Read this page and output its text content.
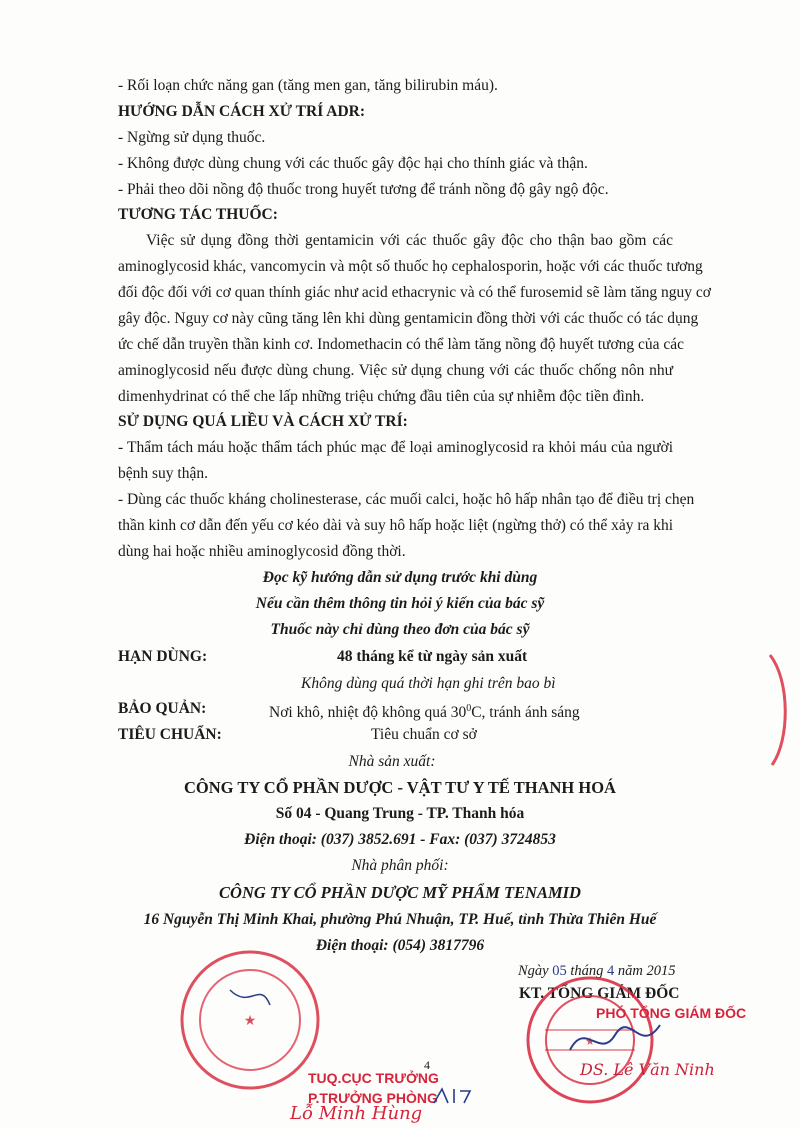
- Rối loạn chức năng gan (tăng men gan, tăng bilirubin máu).
HƯỚNG DẪN CÁCH XỬ TRÍ ADR:
- Ngừng sử dụng thuốc.
- Không được dùng chung với các thuốc gây độc hại cho thính giác và thận.
- Phải theo dõi nồng độ thuốc trong huyết tương để tránh nồng độ gây ngộ độc.
TƯƠNG TÁC THUỐC:
Việc sử dụng đồng thời gentamicin với các thuốc gây độc cho thận bao gồm các
aminoglycosid khác, vancomycin và một số thuốc họ cephalosporin, hoặc với các thuốc tương
đối độc đối với cơ quan thính giác như acid ethacrynic và có thể furosemid sẽ làm tăng nguy cơ
gây độc. Nguy cơ này cũng tăng lên khi dùng gentamicin đồng thời với các thuốc có tác dụng
ức chế dẫn truyền thần kinh cơ. Indomethacin có thể làm tăng nồng độ huyết tương của các
aminoglycosid nếu được dùng chung. Việc sử dụng chung với các thuốc chống nôn như
dimenhydrinat có thể che lấp những triệu chứng đầu tiên của sự nhiễm độc tiền đình.
SỬ DỤNG QUÁ LIỀU VÀ CÁCH XỬ TRÍ:
- Thẩm tách máu hoặc thẩm tách phúc mạc để loại aminoglycosid ra khỏi máu của người
bệnh suy thận.
- Dùng các thuốc kháng cholinesterase, các muối calci, hoặc hô hấp nhân tạo để điều trị chẹn
thần kinh cơ dẫn đến yếu cơ kéo dài và suy hô hấp hoặc liệt (ngừng thở) có thể xảy ra khi
dùng hai hoặc nhiều aminoglycosid đồng thời.
Đọc kỹ hướng dẫn sử dụng trước khi dùng
Nếu cần thêm thông tin hỏi ý kiến của bác sỹ
Thuốc này chỉ dùng theo đơn của bác sỹ
HẠN DÙNG:	48 tháng kể từ ngày sản xuất
Không dùng quá thời hạn ghi trên bao bì
BẢO QUẢN:	Nơi khô, nhiệt độ không quá $30^0C$, tránh ánh sáng
TIÊU CHUẨN:	Tiêu chuẩn cơ sở
Nhà sản xuất:
CÔNG TY CỔ PHẦN DƯỢC - VẬT TƯ Y TẾ THANH HOÁ
Số 04 - Quang Trung - TP. Thanh hóa
Điện thoại: (037) 3852.691 - Fax: (037) 3724853
Nhà phân phối:
CÔNG TY CỔ PHẦN DƯỢC MỸ PHẨM TENAMID
16 Nguyễn Thị Minh Khai, phường Phú Nhuận, TP. Huế, tỉnh Thừa Thiên Huế
Điện thoại: (054) 3817796
Ngày 05 tháng 4 năm 2015
KT. TỔNG GIÁM ĐỐC
★
PHÓ TỔNG GIÁM ĐỐC
DS. Lê Văn Ninh
★
TUQ.CỤC TRƯỞNG
P.TRƯỞNG PHÒNG
Lỗ Minh Hùng
4
